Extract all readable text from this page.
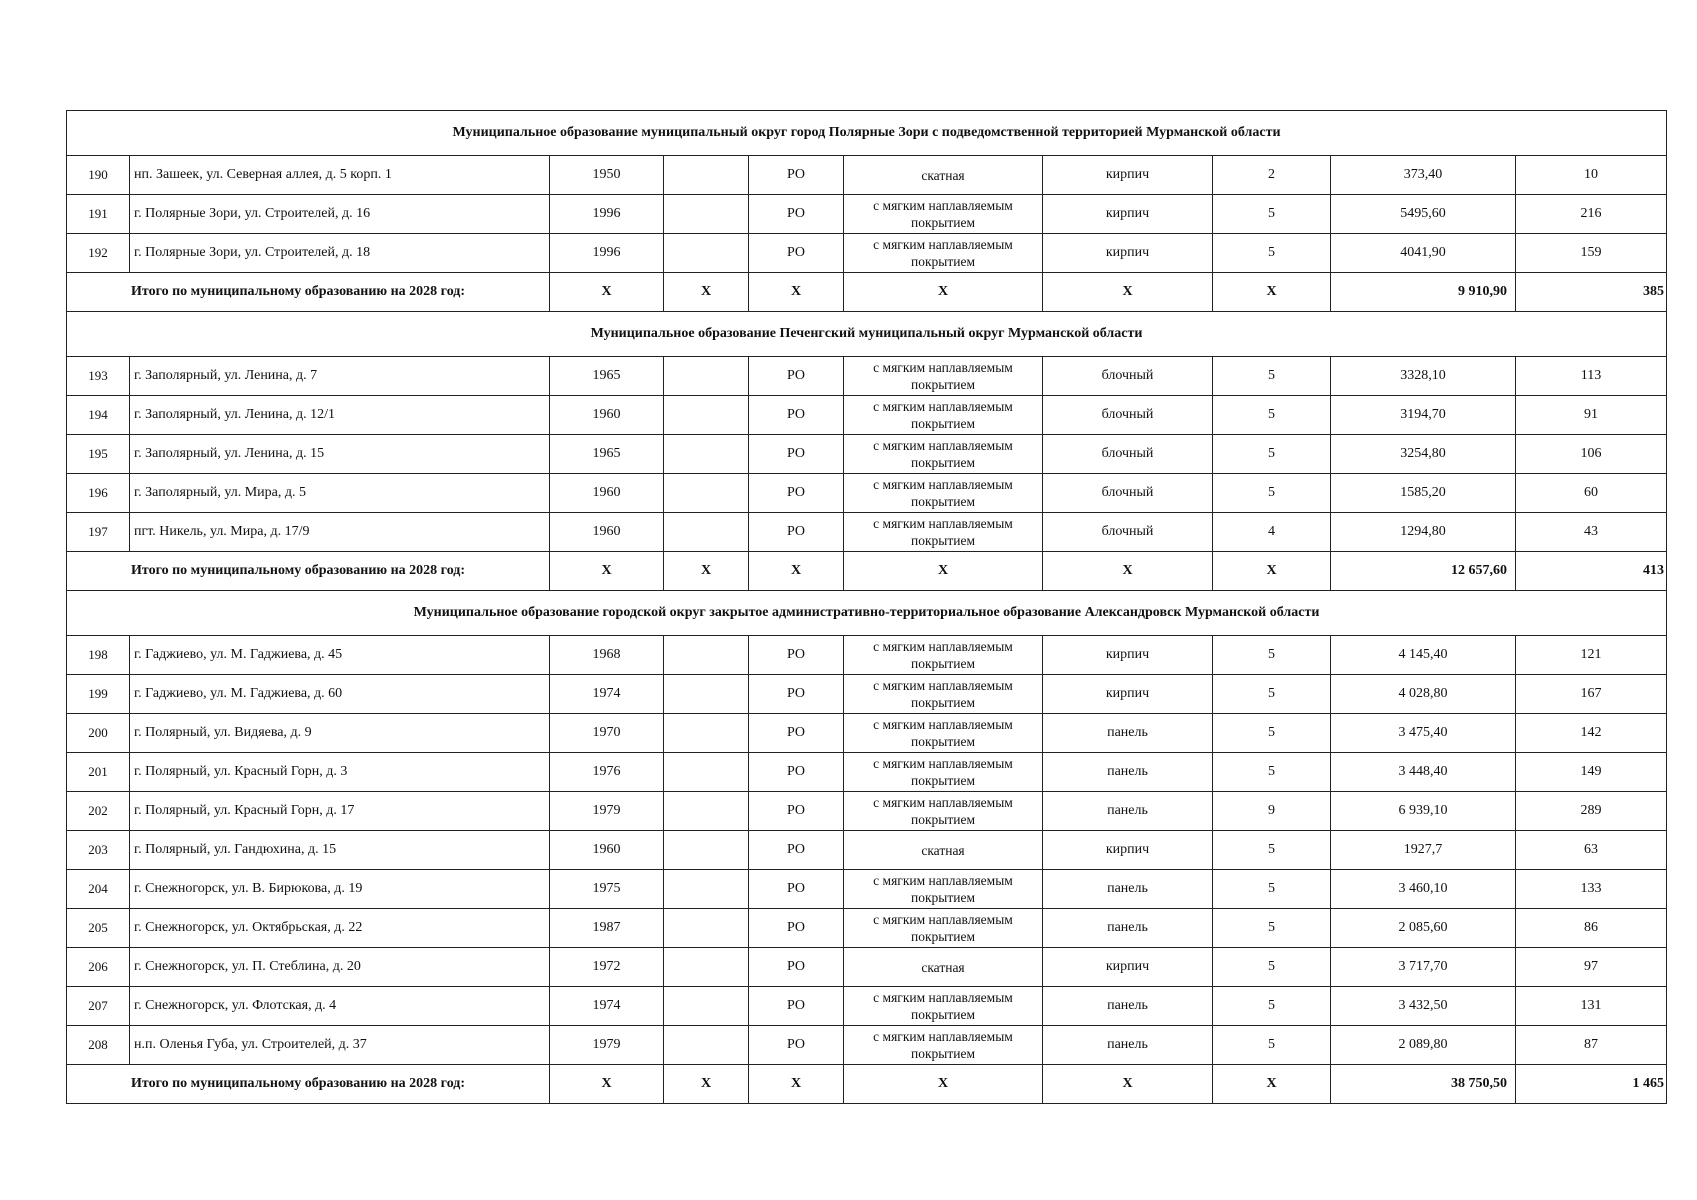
Муниципальное образование муниципальный округ город Полярные Зори с подведомственной территорией Мурманской области									
190	нп. Зашеек, ул. Северная аллея, д. 5 корп. 1	1950		РО	скатная	кирпич	2	373,40	10
191	г. Полярные Зори, ул. Строителей, д. 16	1996		РО	с мягким наплавляемым покрытием	кирпич	5	5495,60	216
192	г. Полярные Зори, ул. Строителей, д. 18	1996		РО	с мягким наплавляемым покрытием	кирпич	5	4041,90	159
Итого по муниципальному образованию на 2028 год:		X	X	X	X	X	X	9 910,90	385
Муниципальное образование Печенгский муниципальный округ Мурманской области									
193	г. Заполярный, ул. Ленина, д. 7	1965		РО	с мягким наплавляемым покрытием	блочный	5	3328,10	113
194	г. Заполярный, ул. Ленина, д. 12/1	1960		РО	с мягким наплавляемым покрытием	блочный	5	3194,70	91
195	г. Заполярный, ул. Ленина, д. 15	1965		РО	с мягким наплавляемым покрытием	блочный	5	3254,80	106
196	г. Заполярный, ул. Мира, д. 5	1960		РО	с мягким наплавляемым покрытием	блочный	5	1585,20	60
197	пгт. Никель, ул. Мира, д. 17/9	1960		РО	с мягким наплавляемым покрытием	блочный	4	1294,80	43
Итого по муниципальному образованию на 2028 год:		X	X	X	X	X	X	12 657,60	413
Муниципальное образование городской округ закрытое административно-территориальное образование Александровск Мурманской области									
198	г. Гаджиево, ул. М. Гаджиева, д. 45	1968		РО	с мягким наплавляемым покрытием	кирпич	5	4 145,40	121
199	г. Гаджиево, ул. М. Гаджиева, д. 60	1974		РО	с мягким наплавляемым покрытием	кирпич	5	4 028,80	167
200	г. Полярный, ул. Видяева, д. 9	1970		РО	с мягким наплавляемым покрытием	панель	5	3 475,40	142
201	г. Полярный, ул. Красный Горн, д. 3	1976		РО	с мягким наплавляемым покрытием	панель	5	3 448,40	149
202	г. Полярный, ул. Красный Горн, д. 17	1979		РО	с мягким наплавляемым покрытием	панель	9	6 939,10	289
203	г. Полярный, ул. Гандюхина, д. 15	1960		РО	скатная	кирпич	5	1927,7	63
204	г. Снежногорск, ул. В. Бирюкова, д. 19	1975		РО	с мягким наплавляемым покрытием	панель	5	3 460,10	133
205	г. Снежногорск, ул. Октябрьская, д. 22	1987		РО	с мягким наплавляемым покрытием	панель	5	2 085,60	86
206	г. Снежногорск, ул. П. Стеблина, д. 20	1972		РО	скатная	кирпич	5	3 717,70	97
207	г. Снежногорск, ул. Флотская, д. 4	1974		РО	с мягким наплавляемым покрытием	панель	5	3 432,50	131
208	н.п. Оленья Губа, ул. Строителей, д. 37	1979		РО	с мягким наплавляемым покрытием	панель	5	2 089,80	87
Итого по муниципальному образованию на 2028 год:		X	X	X	X	X	X	38 750,50	1 465
